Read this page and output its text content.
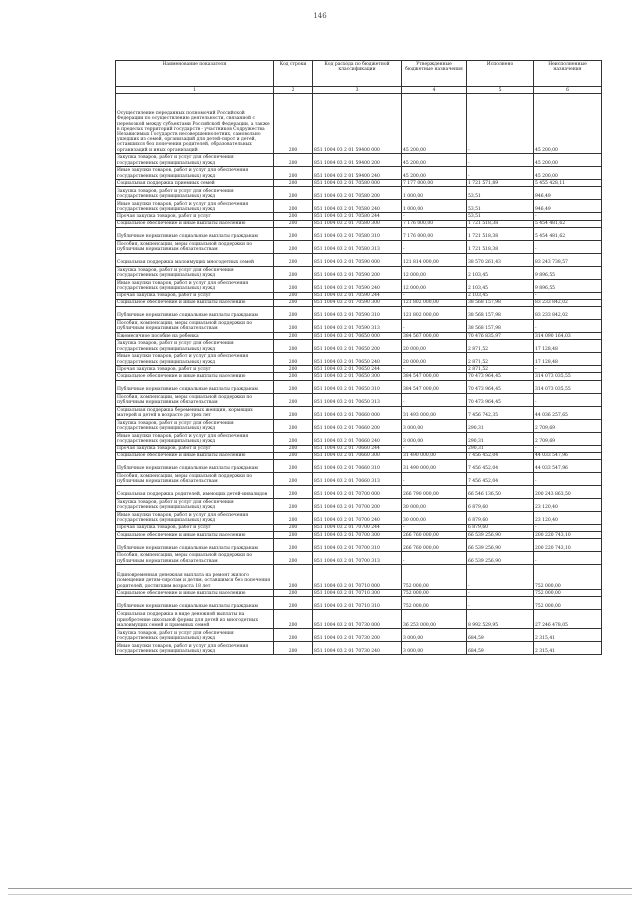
146
Наименование показателя	Код строки	Код расхода по бюджетной классификации	Утвержденные бюджетные назначения	Исполнено	Неисполненные назначения
1	2	3	4	5	6
Осуществление переданных полномочий Российской Федерации по осуществлению деятельности, связанной с перевозкой между субъектами Российской Федерации, а также в пределах территорий государств - участников Содружества Независимых Государств несовершеннолетних, самовольно ушедших из семей, организаций для детей-сирот и детей, оставшихся без попечения родителей, образовательных организаций и иных организаций	200	851 1004 03 2 01 59400 000	45 200,00	-	45 200,00
Закупка товаров, работ и услуг для обеспечения государственных (муниципальных) нужд	200	851 1004 03 2 01 59400 200	45 200,00	-	45 200,00
Иные закупки товаров, работ и услуг для обеспечения государственных (муниципальных) нужд	200	851 1004 03 2 01 59400 240	45 200,00	-	45 200,00
Социальная поддержка приемных семей	200	851 1004 03 2 01 70580 000	7 177 000,00	1 721 571,89	5 455 428,11
Закупка товаров, работ и услуг для обеспечения государственных (муниципальных) нужд	200	851 1004 03 2 01 70580 200	1 000,00	53,51	946,49
Иные закупки товаров, работ и услуг для обеспечения государственных (муниципальных) нужд	200	851 1004 03 2 01 70580 240	1 000,00	53,51	946,49
Прочая закупка товаров, работ и услуг	200	851 1004 03 2 01 70580 244	-	53,51	-
Социальное обеспечение и иные выплаты населению	200	851 1004 03 2 01 70580 300	7 176 000,00	1 721 518,38	5 454 481,62
Публичные нормативные социальные выплаты гражданам	200	851 1004 03 2 01 70580 310	7 176 000,00	1 721 518,38	5 454 481,62
Пособия, компенсации, меры социальной поддержки по публичным нормативным обязательствам	200	851 1004 03 2 01 70580 313	-	1 721 518,38	-
Социальная поддержка малоимущих многодетных семей	200	851 1004 03 2 01 70590 000	121 814 000,00	38 570 261,43	83 243 738,57
Закупка товаров, работ и услуг для обеспечения государственных (муниципальных) нужд	200	851 1004 03 2 01 70590 200	12 000,00	2 103,45	9 896,55
Иные закупки товаров, работ и услуг для обеспечения государственных (муниципальных) нужд	200	851 1004 03 2 01 70590 240	12 000,00	2 103,45	9 896,55
Прочая закупка товаров, работ и услуг	200	851 1004 03 2 01 70590 244	-	2 103,45	-
Социальное обеспечение и иные выплаты населению	200	851 1004 03 2 01 70590 300	121 802 000,00	38 568 157,98	83 233 842,02
Публичные нормативные социальные выплаты гражданам	200	851 1004 03 2 01 70590 310	121 802 000,00	38 568 157,98	83 233 842,02
Пособия, компенсации, меры социальной поддержки по публичным нормативным обязательствам	200	851 1004 03 2 01 70590 313	-	38 568 157,98	-
Ежемесячное пособие на ребенка	200	851 1004 03 2 01 70650 000	384 567 000,00	70 476 835,97	314 090 164,03
Закупка товаров, работ и услуг для обеспечения государственных (муниципальных) нужд	200	851 1004 03 2 01 70650 200	20 000,00	2 871,52	17 128,48
Иные закупки товаров, работ и услуг для обеспечения государственных (муниципальных) нужд	200	851 1004 03 2 01 70650 240	20 000,00	2 871,52	17 128,48
Прочая закупка товаров, работ и услуг	200	851 1004 03 2 01 70650 244	-	2 871,52	-
Социальное обеспечение и иные выплаты населению	200	851 1004 03 2 01 70650 300	384 547 000,00	70 473 964,45	314 073 035,55
Публичные нормативные социальные выплаты гражданам	200	851 1004 03 2 01 70650 310	384 547 000,00	70 473 964,45	314 073 035,55
Пособия, компенсации, меры социальной поддержки по публичным нормативным обязательствам	200	851 1004 03 2 01 70650 313	-	70 473 964,45	-
Социальная поддержка беременных женщин, кормящих матерей и детей в возрасте до трех лет	200	851 1004 03 2 01 70660 000	31 493 000,00	7 456 742,35	44 036 257,65
Закупка товаров, работ и услуг для обеспечения государственных (муниципальных) нужд	200	851 1004 03 2 01 70660 200	3 000,00	290,31	2 709,69
Иные закупки товаров, работ и услуг для обеспечения государственных (муниципальных) нужд	200	851 1004 03 2 01 70660 240	3 000,00	290,31	2 709,69
Прочая закупка товаров, работ и услуг	200	851 1004 03 2 01 70660 244	-	290,31	-
Социальное обеспечение и иные выплаты населению	200	851 1004 03 2 01 70660 300	31 490 000,00	7 456 452,04	44 033 547,96
Публичные нормативные социальные выплаты гражданам	200	851 1004 03 2 01 70660 310	31 490 000,00	7 456 452,04	44 033 547,96
Пособия, компенсации, меры социальной поддержки по публичным нормативным обязательствам	200	851 1004 03 2 01 70660 313	-	7 456 452,04	-
Социальная поддержка родителей, имеющих детей-инвалидов	200	851 1004 03 2 01 70700 000	266 790 000,00	66 546 136,50	200 243 863,50
Закупка товаров, работ и услуг для обеспечения государственных (муниципальных) нужд	200	851 1004 03 2 01 70700 200	30 000,00	6 879,60	23 120,40
Иные закупки товаров, работ и услуг для обеспечения государственных (муниципальных) нужд	200	851 1004 03 2 01 70700 240	30 000,00	6 879,60	23 120,40
Прочая закупка товаров, работ и услуг	200	851 1004 03 2 01 70700 244	-	6 879,60	-
Социальное обеспечение и иные выплаты населению	200	851 1004 03 2 01 70700 300	266 760 000,00	66 539 256,90	200 220 743,10
Публичные нормативные социальные выплаты гражданам	200	851 1004 03 2 01 70700 310	266 760 000,00	66 539 256,90	200 220 743,10
Пособия, компенсации, меры социальной поддержки по публичным нормативным обязательствам	200	851 1004 03 2 01 70700 313	-	66 539 256,90	-
Единовременная денежная выплата на ремонт жилого помещения детям-сиротам и детям, оставшимся без попечения родителей, достигшим возраста 18 лет	200	851 1004 03 2 01 70710 000	752 000,00	-	752 000,00
Социальное обеспечение и иные выплаты населению	200	851 1004 03 2 01 70710 300	752 000,00	-	752 000,00
Публичные нормативные социальные выплаты гражданам	200	851 1004 03 2 01 70710 310	752 000,00	-	752 000,00
Социальная поддержка в виде денежной выплаты на приобретение школьной формы для детей из многодетных малоимущих семей и приемных семей	200	851 1004 03 2 01 70730 000	36 253 000,00	8 992 529,95	27 246 478,05
Закупка товаров, работ и услуг для обеспечения государственных (муниципальных) нужд	200	851 1004 03 2 01 70730 200	3 000,00	684,59	2 315,41
Иные закупки товаров, работ и услуг для обеспечения государственных (муниципальных) нужд	200	851 1004 03 2 01 70730 240	3 000,00	684,59	2 315,41
